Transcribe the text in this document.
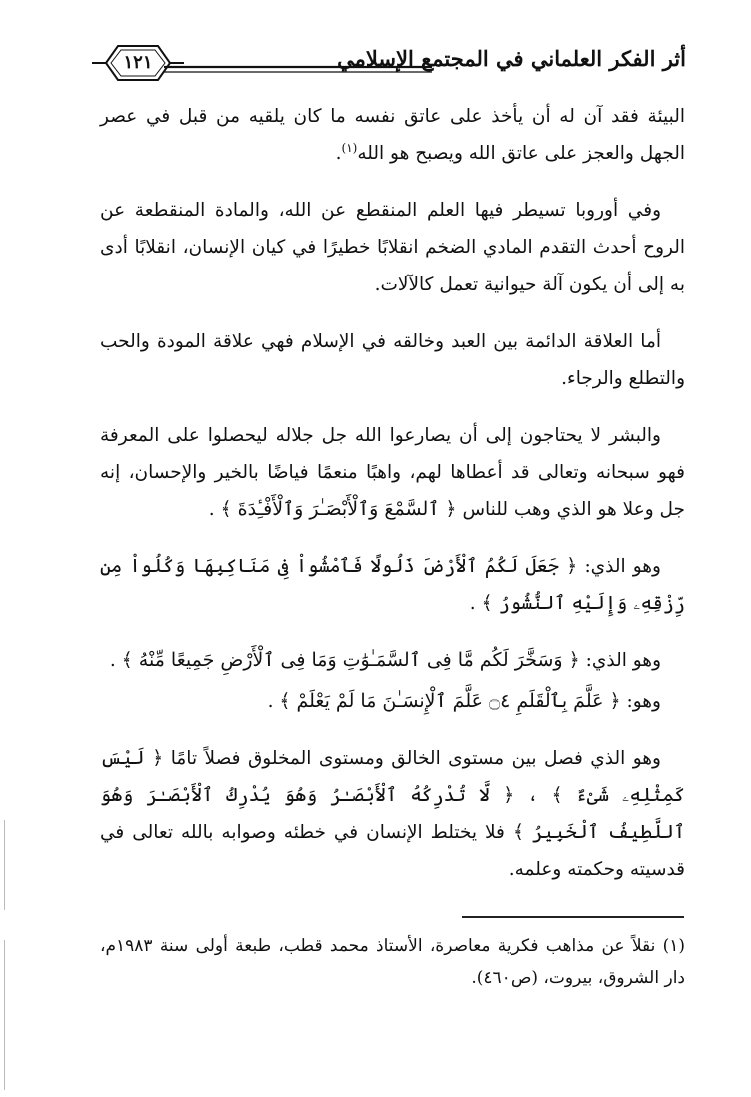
أثر الفكر العلماني في المجتمع الإسلامي
١٢١

البيئة فقد آن له أن يأخذ على عاتق نفسه ما كان يلقيه من قبل في عصر الجهل والعجز على عاتق الله ويصبح هو الله$^{(١)}$.

وفي أوروبا تسيطر فيها العلم المنقطع عن الله، والمادة المنقطعة عن الروح أحدث التقدم المادي الضخم انقلابًا خطيرًا في كيان الإنسان، انقلابًا أدى به إلى أن يكون آلة حيوانية تعمل كالآلات.

أما العلاقة الدائمة بين العبد وخالقه في الإسلام فهي علاقة المودة والحب والتطلع والرجاء.

والبشر لا يحتاجون إلى أن يصارعوا الله جل جلاله ليحصلوا على المعرفة فهو سبحانه وتعالى قد أعطاها لهم، واهبًا منعمًا فياضًا بالخير والإحسان، إنه جل وعلا هو الذي وهب للناس ﴿ ٱلسَّمْعَ وَٱلْأَبْصَـٰرَ وَٱلْأَفْـِٔدَةَ ﴾ .

وهو الذي: ﴿ جَعَلَ لَكُمُ ٱلْأَرْضَ ذَلُولًا فَٱمْشُواْ فِى مَنَاكِبِهَا وَكُلُواْ مِن رِّزْقِهِۦ وَإِلَيْهِ ٱلنُّشُورُ ﴾ .

وهو الذي: ﴿ وَسَخَّرَ لَكُم مَّا فِى ٱلسَّمَـٰوَٰتِ وَمَا فِى ٱلْأَرْضِ جَمِيعًا مِّنْهُ ﴾ .

وهو: ﴿ عَلَّمَ بِٱلْقَلَمِ ۝٤ عَلَّمَ ٱلْإِنسَـٰنَ مَا لَمْ يَعْلَمْ ﴾ .

وهو الذي فصل بين مستوى الخالق ومستوى المخلوق فصلاً تامًا ﴿ لَيْسَ كَمِثْلِهِۦ شَىْءٌ ﴾ ، ﴿ لَّا تُدْرِكُهُ ٱلْأَبْصَـٰرُ وَهُوَ يُدْرِكُ ٱلْأَبْصَـٰرَ وَهُوَ ٱللَّطِيفُ ٱلْخَبِيرُ ﴾ فلا يختلط الإنسان في خطئه وصوابه بالله تعالى في قدسيته وحكمته وعلمه.

(١) نقلاً عن مذاهب فكرية معاصرة، الأستاذ محمد قطب، طبعة أولى سنة ١٩٨٣م، دار الشروق، بيروت، (ص٤٦٠).
